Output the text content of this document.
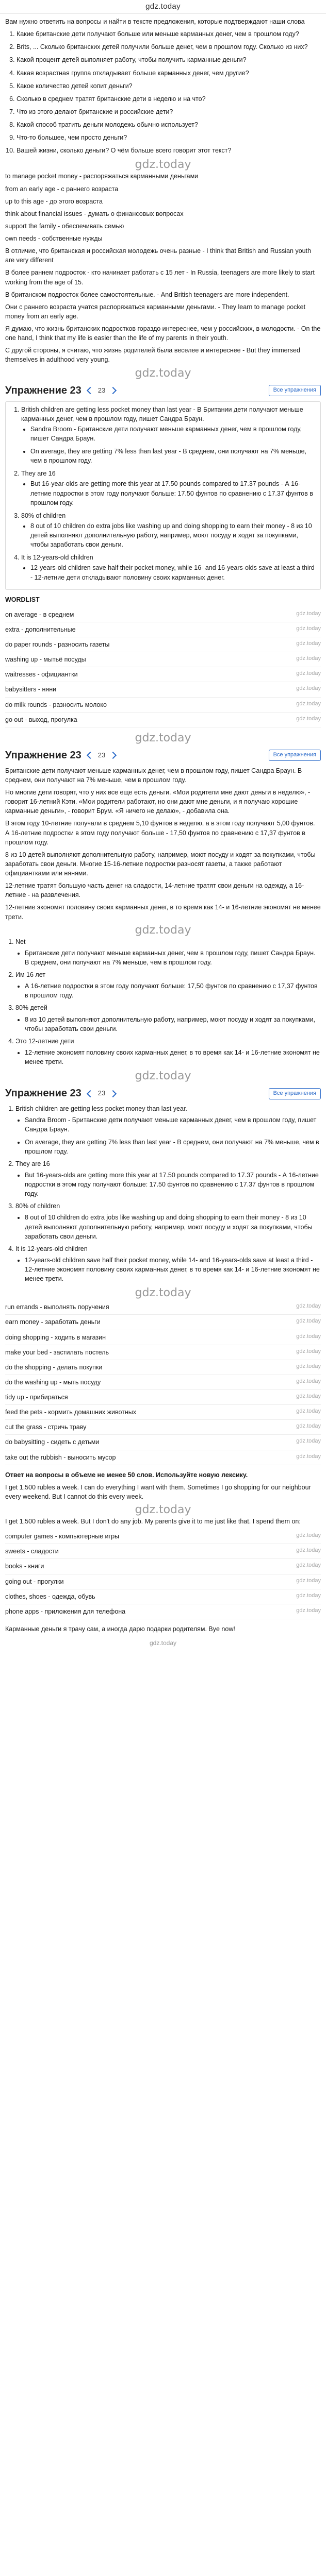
gdz.today

Вам нужно ответить на вопросы и найти в тексте предложения, которые подтверждают наши слова

1. Какие британские дети получают больше или меньше карманных денег, чем в прошлом году?
2. Brits, ... Сколько британских детей получили больше денег, чем в прошлом году. Сколько из них?
3. Какой процент детей выполняет работу, чтобы получить карманные деньги?
4. Какая возрастная группа откладывает больше карманных денег, чем другие?
5. Какое количество детей копит деньги?
6. Сколько в среднем тратят британские дети в неделю и на что?
7. Что из этого делают британские и российские дети?
8. Какой способ тратить деньги молодежь обычно использует?
9. Что-то большее, чем просто деньги?
10. Вашей жизни, сколько деньги? О чём больше всего говорит этот текст?
gdz.today

to manage pocket money - распоряжаться карманными деньгами

from an early age - с раннего возраста

up to this age - до этого возраста

think about financial issues - думать о финансовых вопросах

support the family - обеспечивать семью

own needs - собственные нужды

В отличие, что британская и российская молодежь очень разные - I think that British and Russian youth are very different

В более раннем подросток - кто начинает работать с 15 лет - In Russia, teenagers are more likely to start working from the age of 15.

В британском подросток более самостоятельные. - And British teenagers are more independent.

Они с раннего возраста учатся распоряжаться карманными деньгами. - They learn to manage pocket money from an early age.

Я думаю, что жизнь британских подростков гораздо интереснее, чем у российских, в молодости. - On the one hand, I think that my life is easier than the life of my parents in their youth.

С другой стороны, я считаю, что жизнь родителей была веселее и интереснее - But they immersed themselves in adulthood very young.

gdz.today
Упражнение 23 23	Все упражнения
1. British children are getting less pocket money than last year - В Британии дети получают меньше карманных денег, чем в прошлом году, пишет Сандра Браун.
• Sandra Broom - Британские дети получают меньше карманных денег, чем в прошлом году, пишет Сандра Браун.
• On average, they are getting 7% less than last year - В среднем, они получают на 7% меньше, чем в прошлом году.
2. They are 16
• But 16-year-olds are getting more this year at 17.50 pounds compared to 17.37 pounds - А 16-летние подростки в этом году получают больше: 17.50 фунтов по сравнению с 17.37 фунтов в прошлом году.
3. 80% of children
• 8 out of 10 children do extra jobs like washing up and doing shopping to earn their money - 8 из 10 детей выполняют дополнительную работу, например, моют посуду и ходят за покупками, чтобы заработать свои деньги.
4. It is 12-years-old children
• 12-years-old children save half their pocket money, while 16- and 16-years-olds save at least a third - 12-летние дети откладывают половину своих карманных денег.
WORDLIST
on average - в среднем	gdz.today
extra - дополнительные	gdz.today
do paper rounds - разносить газеты	gdz.today
washing up - мытьё посуды	gdz.today
waitresses - официантки	gdz.today
babysitters - няни	gdz.today
do milk rounds - разносить молоко	gdz.today
go out - выход, прогулка	gdz.today
gdz.today
Упражнение 23 23	Все упражнения

Британские дети получают меньше карманных денег, чем в прошлом году, пишет Сандра Браун. В среднем, они получают на 7% меньше, чем в прошлом году.

Но многие дети говорят, что у них все еще есть деньги. «Мои родители мне дают деньги в неделю», - говорит 16-летний Кэти. «Мои родители работают, но они дают мне деньги, и я получаю хорошие карманные деньги», - говорит Брум. «Я ничего не делаю», - добавила она.

В этом году 10-летние получали в среднем 5,10 фунтов в неделю, а в этом году получают 5,00 фунтов. А 16-летние подростки в этом году получают больше - 17,50 фунтов по сравнению с 17,37 фунтов в прошлом году.

8 из 10 детей выполняют дополнительную работу, например, моют посуду и ходят за покупками, чтобы заработать свои деньги. Многие 15-16-летние подростки разносят газеты, а также работают официантками или нянями.

12-летние тратят большую часть денег на сладости, 14-летние тратят свои деньги на одежду, а 16-летние - на развлечения.

12-летние экономят половину своих карманных денег, в то время как 14- и 16-летние экономят не менее трети.

gdz.today
1. Net
• Британские дети получают меньше карманных денег, чем в прошлом году, пишет Сандра Браун. В среднем, они получают на 7% меньше, чем в прошлом году.
2. Им 16 лет
• А 16-летние подростки в этом году получают больше: 17,50 фунтов по сравнению с 17,37 фунтов в прошлом году.
3. 80% детей
• 8 из 10 детей выполняют дополнительную работу, например, моют посуду и ходят за покупками, чтобы заработать свои деньги.
4. Это 12-летние дети
• 12-летние экономят половину своих карманных денег, в то время как 14- и 16-летние экономят не менее трети.
gdz.today
Упражнение 23 23	Все упражнения
1. British children are getting less pocket money than last year.
• Sandra Broom - Британские дети получают меньше карманных денег, чем в прошлом году, пишет Сандра Браун.
• On average, they are getting 7% less than last year - В среднем, они получают на 7% меньше, чем в прошлом году.
2. They are 16
• But 16-years-olds are getting more this year at 17.50 pounds compared to 17.37 pounds - А 16-летние подростки в этом году получают больше: 17.50 фунтов по сравнению с 17.37 фунтов в прошлом году.
3. 80% of children
• 8 out of 10 children do extra jobs like washing up and doing shopping to earn their money - 8 из 10 детей выполняют дополнительную работу, например, моют посуду и ходят за покупками, чтобы заработать свои деньги.
4. It is 12-years-old children
• 12-years-old children save half their pocket money, while 14- and 16-years-olds save at least a third - 12-летние экономят половину своих карманных денег, в то время как 14- и 16-летние экономят не менее трети.
gdz.today
run errands - выполнять поручения	gdz.today
earn money - заработать деньги	gdz.today
doing shopping - ходить в магазин	gdz.today
make your bed - застилать постель	gdz.today
do the shopping - делать покупки	gdz.today
do the washing up - мыть посуду	gdz.today
tidy up - прибираться	gdz.today
feed the pets - кормить домашних животных	gdz.today
cut the grass - стричь траву	gdz.today
do babysitting - сидеть с детьми	gdz.today
take out the rubbish - выносить мусор	gdz.today

Ответ на вопросы в объеме не менее 50 слов. Используйте новую лексику.

I get 1,500 rubles a week. I can do everything I want with them. Sometimes I go shopping for our neighbour every weekend. But I cannot do this every week.

gdz.today

I get 1,500 rubles a week. But I don't do any job. My parents give it to me just like that. I spend them on:

computer games - компьютерные игры	gdz.today
sweets - сладости	gdz.today
books - книги	gdz.today
going out - прогулки	gdz.today
clothes, shoes - одежда, обувь	gdz.today
phone apps - приложения для телефона	gdz.today

Карманные деньги я трачу сам, а иногда дарю подарки родителям. Bye now!

gdz.today
